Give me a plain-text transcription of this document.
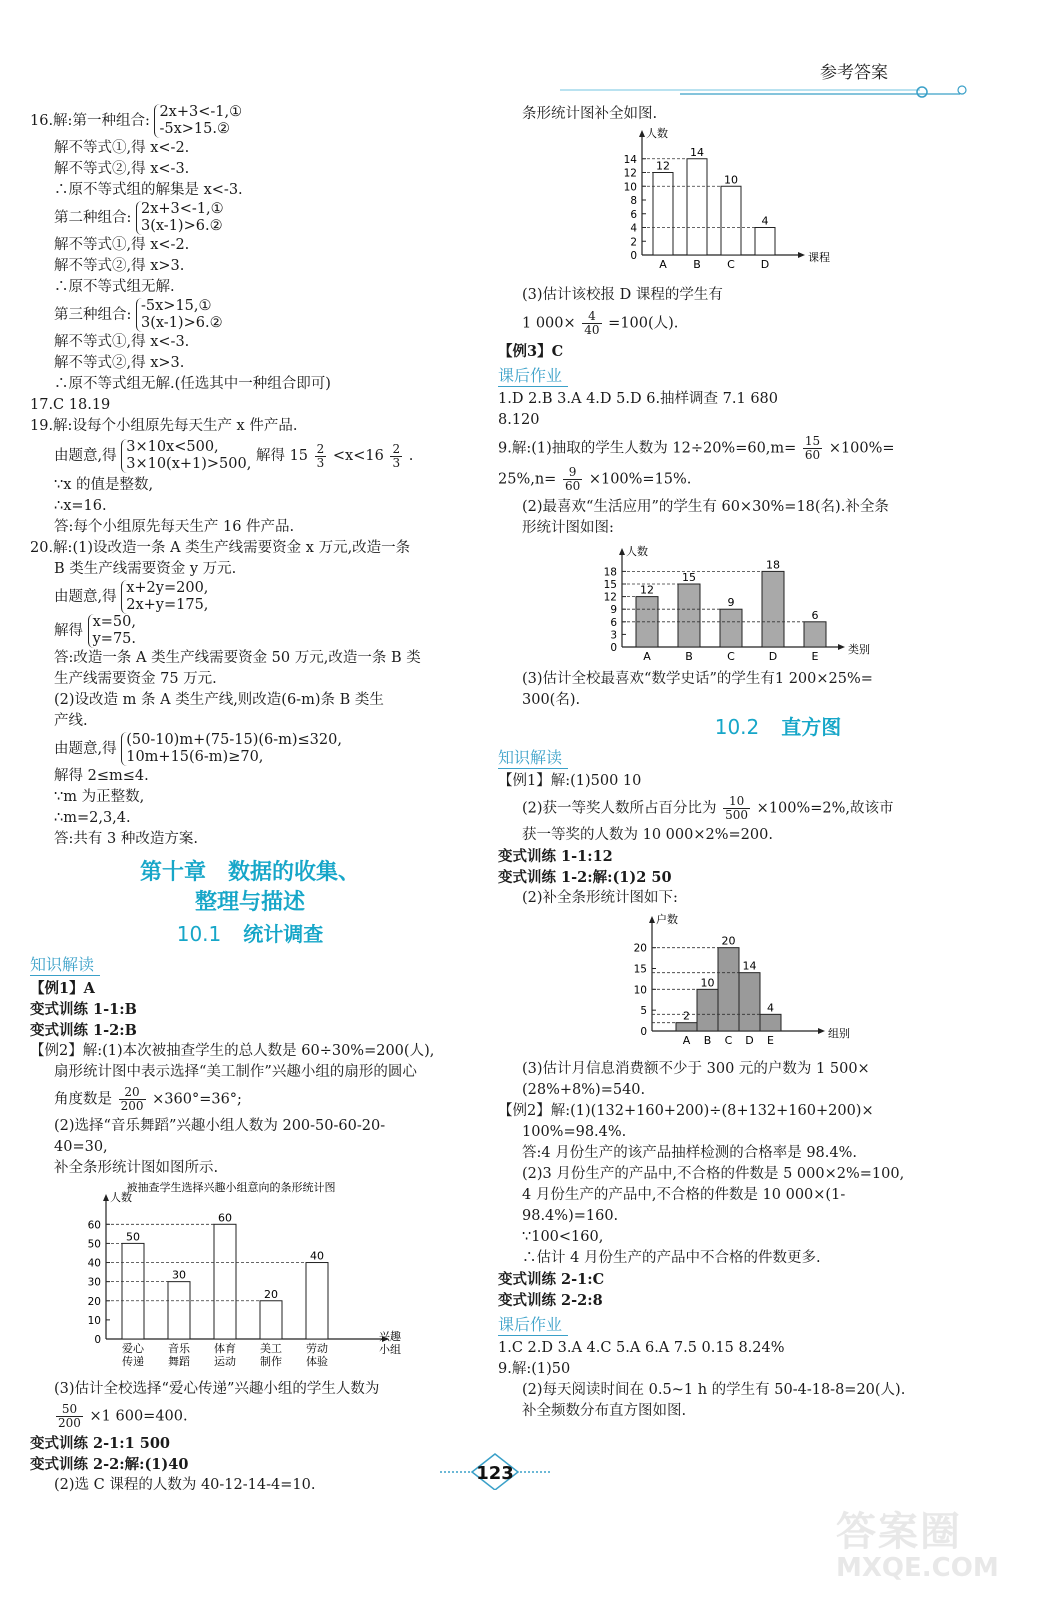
参考答案
16.解:第一种组合:
2x+3<-1,①
-5x>15.②
解不等式①,得 x<-2.
解不等式②,得 x<-3.
∴原不等式组的解集是 x<-3.
第二种组合:
2x+3<-1,①
3(x-1)>6.②
解不等式①,得 x<-2.
解不等式②,得 x>3.
∴原不等式组无解.
第三种组合:
-5x>15,①
3(x-1)>6.②
解不等式①,得 x<-3.
解不等式②,得 x>3.
∴原不等式组无解.(任选其中一种组合即可)
17.C 18.19
19.解:设每个小组原先每天生产 x 件产品.
由题意,得
3×10x<500,
3×10(x+1)>500, 解得 $15 \frac{2}{3} <x<16 \frac{2}{3}$ .
∵x 的值是整数,
∴x=16.
答:每个小组原先每天生产 16 件产品.
20.解:(1)设改造一条 A 类生产线需要资金 x 万元,改造一条
B 类生产线需要资金 y 万元.
由题意,得
x+2y=200,
2x+y=175,
解得
x=50,
y=75.
答:改造一条 A 类生产线需要资金 50 万元,改造一条 B 类
生产线需要资金 75 万元.
(2)设改造 m 条 A 类生产线,则改造(6-m)条 B 类生
产线.
由题意,得
(50-10)m+(75-15)(6-m)≤320,
10m+15(6-m)≥70,
解得 2≤m≤4.
∵m 为正整数,
∴m=2,3,4.
答:共有 3 种改造方案.
第十章　数据的收集、
整理与描述
10.1 统计调查
知识解读
【例1】A
变式训练 1-1:B
变式训练 1-2:B
【例2】解:(1)本次被抽查学生的总人数是 60÷30%=200(人),
扇形统计图中表示选择“美工制作”兴趣小组的扇形的圆心
角度数是 $\frac{20}{200} \times 360^\circ=36^\circ$;
(2)选择“音乐舞蹈”兴趣小组人数为 200-50-60-20-
40=30,
补全条形统计图如图所示.
被抽查学生选择兴趣小组意向的条形统计图
人数
0
10
20
30
40
50
60
50
爱心
传递
30
音乐
舞蹈
60
体育
运动
20
美工
制作
40
劳动
体验
兴趣
小组
(3)估计全校选择“爱心传递”兴趣小组的学生人数为
$\frac{50}{200} \times 1$ 600=400.
变式训练 2-1:1 500
变式训练 2-2:解:(1)40
(2)选 C 课程的人数为 40-12-14-4=10.
条形统计图补全如图.
人数
0
2
4
6
8
10
12
14 12
A
14
B
10
C
4
D
课程
(3)估计该校报 D 课程的学生有
1 $000\times \frac{4}{40} =100$(人).
【例3】C
课后作业
1.D 2.B 3.A 4.D 5.D 6.抽样调查 7.1 680
8.120
9.解:(1)抽取的学生人数为 $12\div 20\%=60,m= \frac{15}{60} \times 100\%=$
$25\%,n= \frac{9}{60} \times 100\%=15\%$.
(2)最喜欢“生活应用”的学生有 60×30%=18(名).补全条
形统计图如图:
人数
0
3
6
9
12
15
18
12
A
15
B
9
C
18
D
6
E
类别
(3)估计全校最喜欢“数学史话”的学生有1 200×25%=
300(名).
10.2 直方图
知识解读
【例1】解:(1)500 10
(2)获一等奖人数所占百分比为 $\frac{10}{500} \times 100\%=2\%$,故该市
获一等奖的人数为 10 000×2%=200.
变式训练 1-1:12
变式训练 1-2:解:(1)2 50
(2)补全条形统计图如下:
户数
0
5
10
15
20
2
A
10
B
20
C
14
D
4
E
组别
(3)估计月信息消费额不少于 300 元的户数为 1 500×
(28%+8%)=540.
【例2】解:(1)(132+160+200)÷(8+132+160+200)×
100%=98.4%.
答:4 月份生产的该产品抽样检测的合格率是 98.4%.
(2)3 月份生产的产品中,不合格的件数是 5 000×2%=100,
4 月份生产的产品中,不合格的件数是 10 000×(1-
98.4%)=160.
∵100<160,
∴估计 4 月份生产的产品中不合格的件数更多.
变式训练 2-1:C
变式训练 2-2:8
课后作业
1.C 2.D 3.A 4.C 5.A 6.A 7.5 0.15 8.24%
9.解:(1)50
(2)每天阅读时间在 0.5~1 h 的学生有 50-4-18-8=20(人).
补全频数分布直方图如图.
123
答案圈
MXQE.COM
